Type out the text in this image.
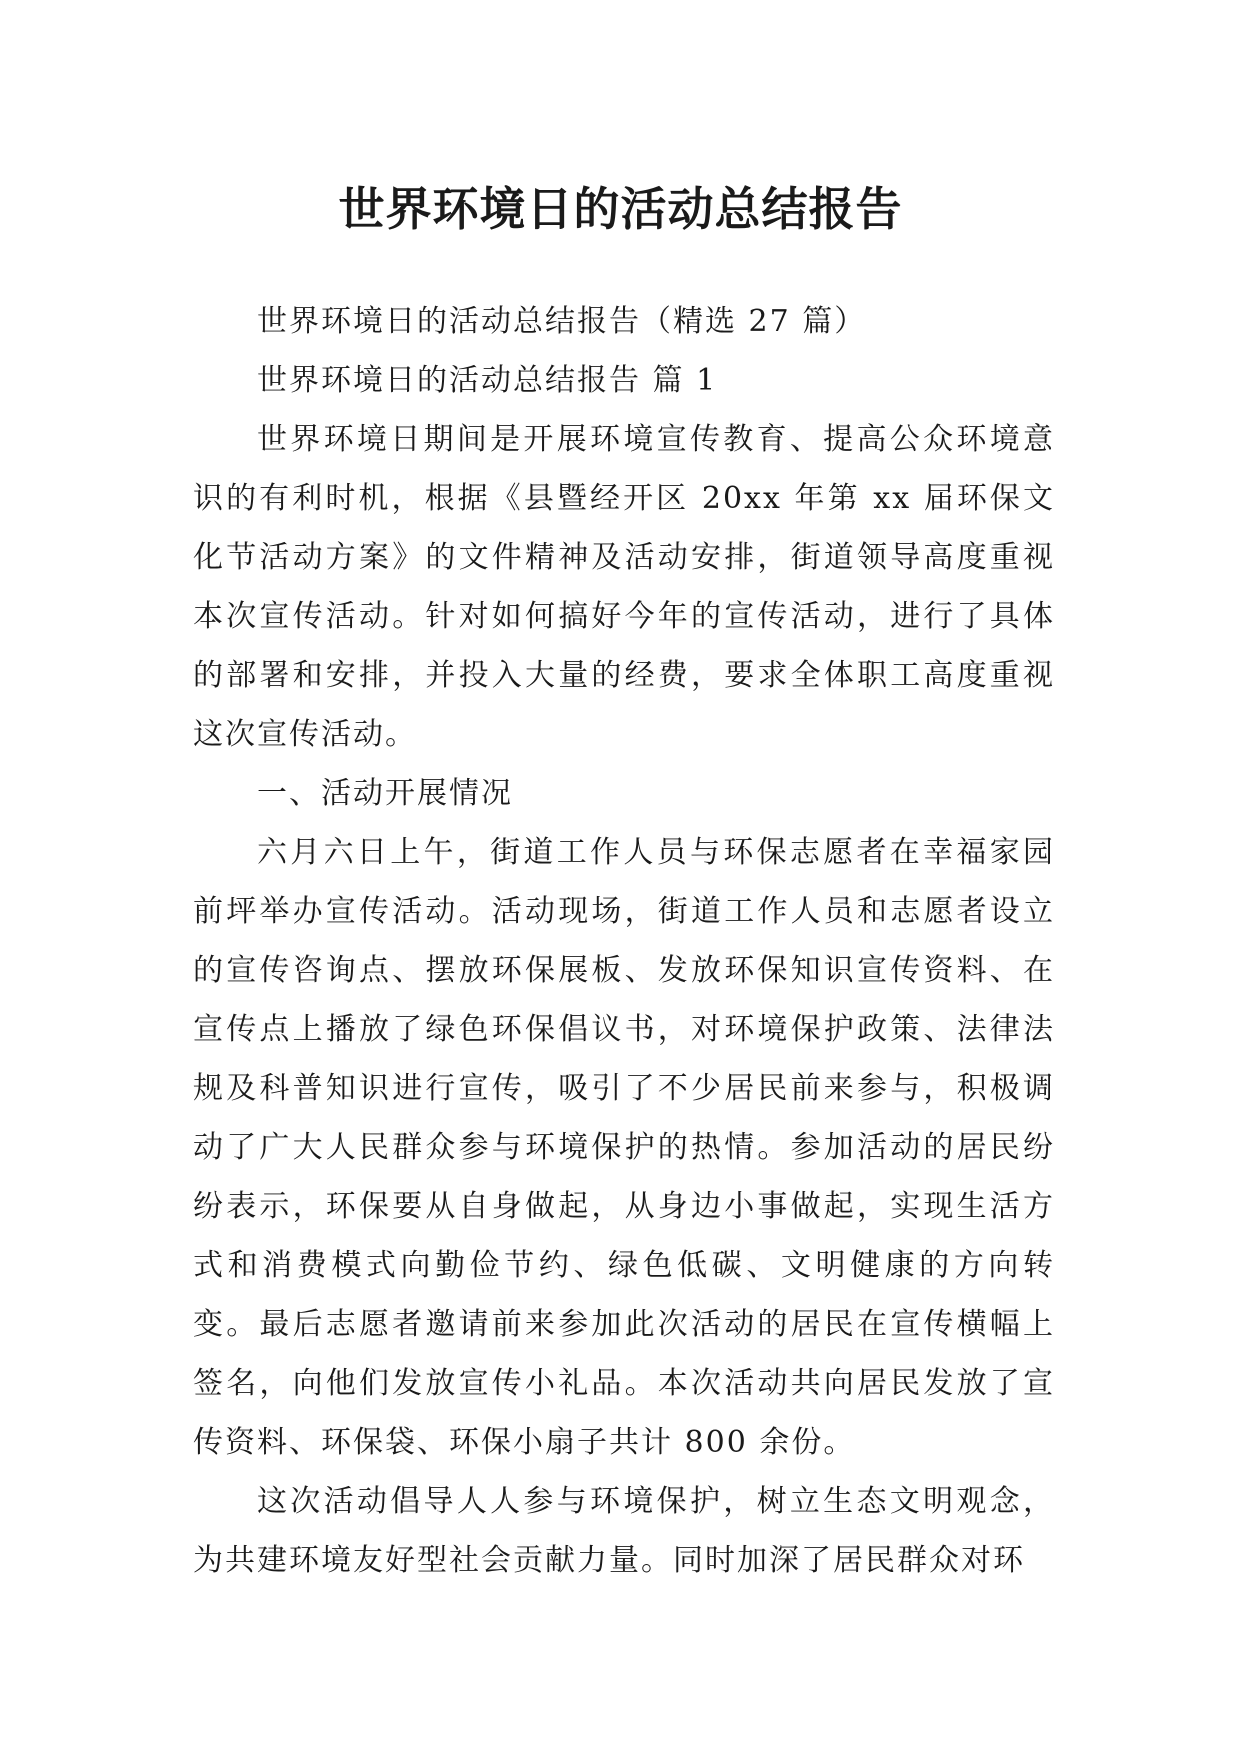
世界环境日的活动总结报告

世界环境日的活动总结报告（精选 27 篇）

世界环境日的活动总结报告 篇 1

世界环境日期间是开展环境宣传教育、提高公众环境意识的有利时机，根据《县暨经开区 20xx 年第 xx 届环保文化节活动方案》的文件精神及活动安排，街道领导高度重视本次宣传活动。针对如何搞好今年的宣传活动，进行了具体的部署和安排，并投入大量的经费，要求全体职工高度重视这次宣传活动。

一、活动开展情况

六月六日上午，街道工作人员与环保志愿者在幸福家园前坪举办宣传活动。活动现场，街道工作人员和志愿者设立的宣传咨询点、摆放环保展板、发放环保知识宣传资料、在宣传点上播放了绿色环保倡议书，对环境保护政策、法律法规及科普知识进行宣传，吸引了不少居民前来参与，积极调动了广大人民群众参与环境保护的热情。参加活动的居民纷纷表示，环保要从自身做起，从身边小事做起，实现生活方式和消费模式向勤俭节约、绿色低碳、文明健康的方向转变。最后志愿者邀请前来参加此次活动的居民在宣传横幅上签名，向他们发放宣传小礼品。本次活动共向居民发放了宣传资料、环保袋、环保小扇子共计 800 余份。

这次活动倡导人人参与环境保护，树立生态文明观念，为共建环境友好型社会贡献力量。同时加深了居民群众对环
